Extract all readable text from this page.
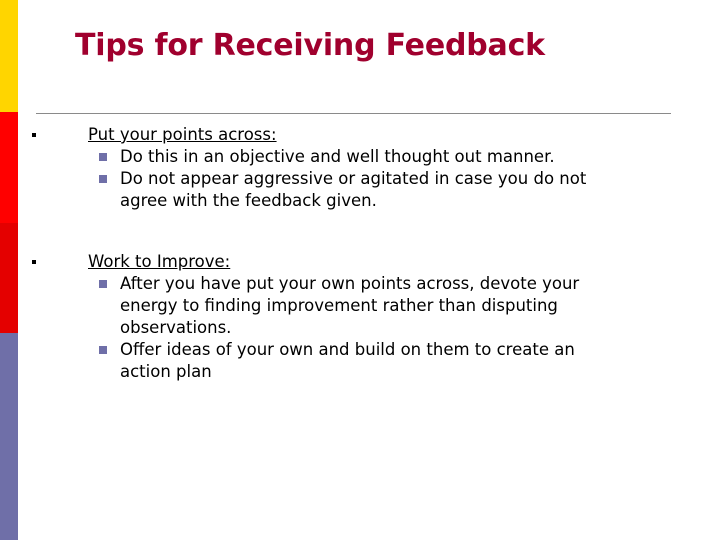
Tips for Receiving Feedback
Put your points across:
Do this in an objective and well thought out manner.
Do not appear aggressive or agitated in case you do not agree with the feedback given.
Work to Improve:
After you have put your own points across, devote your energy to finding improvement rather than disputing observations.
Offer ideas of your own and build on them to create an action plan
